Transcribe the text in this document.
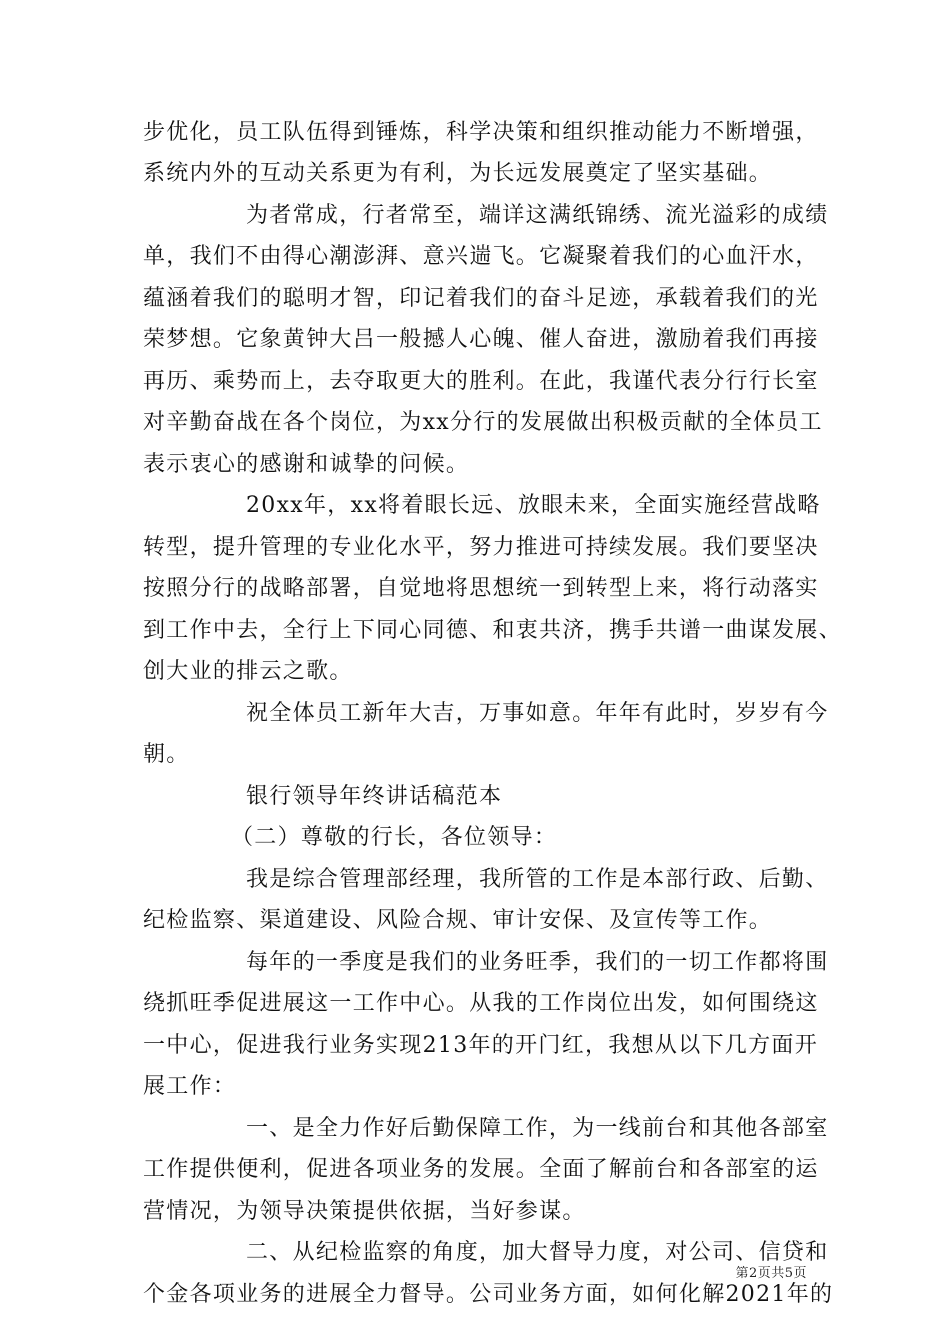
步优化，员工队伍得到锤炼，科学决策和组织推动能力不断增强，
系统内外的互动关系更为有利，为长远发展奠定了坚实基础。
为者常成，行者常至，端详这满纸锦绣、流光溢彩的成绩
单，我们不由得心潮澎湃、意兴遄飞。它凝聚着我们的心血汗水，
蕴涵着我们的聪明才智，印记着我们的奋斗足迹，承载着我们的光
荣梦想。它象黄钟大吕一般撼人心魄、催人奋进，激励着我们再接
再历、乘势而上，去夺取更大的胜利。在此，我谨代表分行行长室
对辛勤奋战在各个岗位，为xx分行的发展做出积极贡献的全体员工
表示衷心的感谢和诚挚的问候。
20xx年，xx将着眼长远、放眼未来，全面实施经营战略
转型，提升管理的专业化水平，努力推进可持续发展。我们要坚决
按照分行的战略部署，自觉地将思想统一到转型上来，将行动落实
到工作中去，全行上下同心同德、和衷共济，携手共谱一曲谋发展、
创大业的排云之歌。
祝全体员工新年大吉，万事如意。年年有此时，岁岁有今
朝。
银行领导年终讲话稿范本
（二）尊敬的行长，各位领导：
我是综合管理部经理，我所管的工作是本部行政、后勤、
纪检监察、渠道建设、风险合规、审计安保、及宣传等工作。
每年的一季度是我们的业务旺季，我们的一切工作都将围
绕抓旺季促进展这一工作中心。从我的工作岗位出发，如何围绕这
一中心，促进我行业务实现213年的开门红，我想从以下几方面开
展工作：
一、是全力作好后勤保障工作，为一线前台和其他各部室
工作提供便利，促进各项业务的发展。全面了解前台和各部室的运
营情况，为领导决策提供依据，当好参谋。
二、从纪检监察的角度，加大督导力度，对公司、信贷和
个金各项业务的进展全力督导。公司业务方面，如何化解2021年的
第2页共5页
